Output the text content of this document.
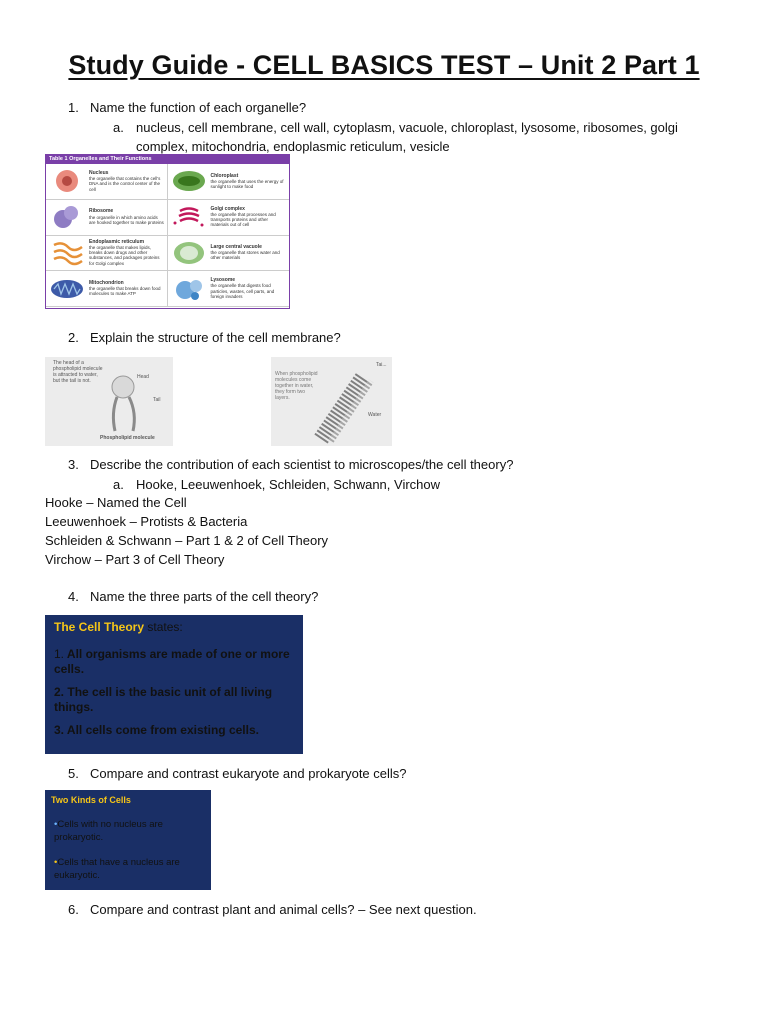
Study Guide - CELL BASICS TEST – Unit 2 Part 1
1. Name the function of each organelle?
a. nucleus, cell membrane, cell wall, cytoplasm, vacuole, chloroplast, lysosome, ribosomes, golgi
complex, mitochondria, endoplasmic reticulum, vesicle
Table 1 Organelles and Their Functions
Nucleus
the organelle that contains the cell's DNA and is the control center of the cell
Chloroplast
the organelle that uses the energy of sunlight to make food
Ribosome
the organelle in which amino acids are hooked together to make proteins
Golgi complex
the organelle that processes and transports proteins and other materials out of cell
Endoplasmic reticulum
the organelle that makes lipids, breaks down drugs and other substances, and packages proteins for Golgi complex
Large central vacuole
the organelle that stores water and other materials
Mitochondrion
the organelle that breaks down food molecules to make ATP
Lysosome
the organelle that digests food particles, wastes, cell parts, and foreign invaders
2. Explain the structure of the cell membrane?
The head of a phospholipid molecule is attracted to water, but the tail is not.
Head
Tail
Phospholipid molecule
When phospholipid molecules come together in water, they form two layers.
Tai...
Water
3. Describe the contribution of each scientist to microscopes/the cell theory?
a. Hooke, Leeuwenhoek, Schleiden, Schwann, Virchow
Hooke – Named the Cell
Leeuwenhoek – Protists & Bacteria
Schleiden & Schwann – Part 1 & 2 of Cell Theory
Virchow – Part 3 of Cell Theory
4. Name the three parts of the cell theory?
The Cell Theory states:
1. All organisms are made of one or more cells.
2. The cell is the basic unit of all living things.
3. All cells come from existing cells.
5. Compare and contrast eukaryote and prokaryote cells?
Two Kinds of Cells
•Cells with no nucleus are prokaryotic.
•Cells that have a nucleus are eukaryotic.
6. Compare and contrast plant and animal cells? – See next question.
